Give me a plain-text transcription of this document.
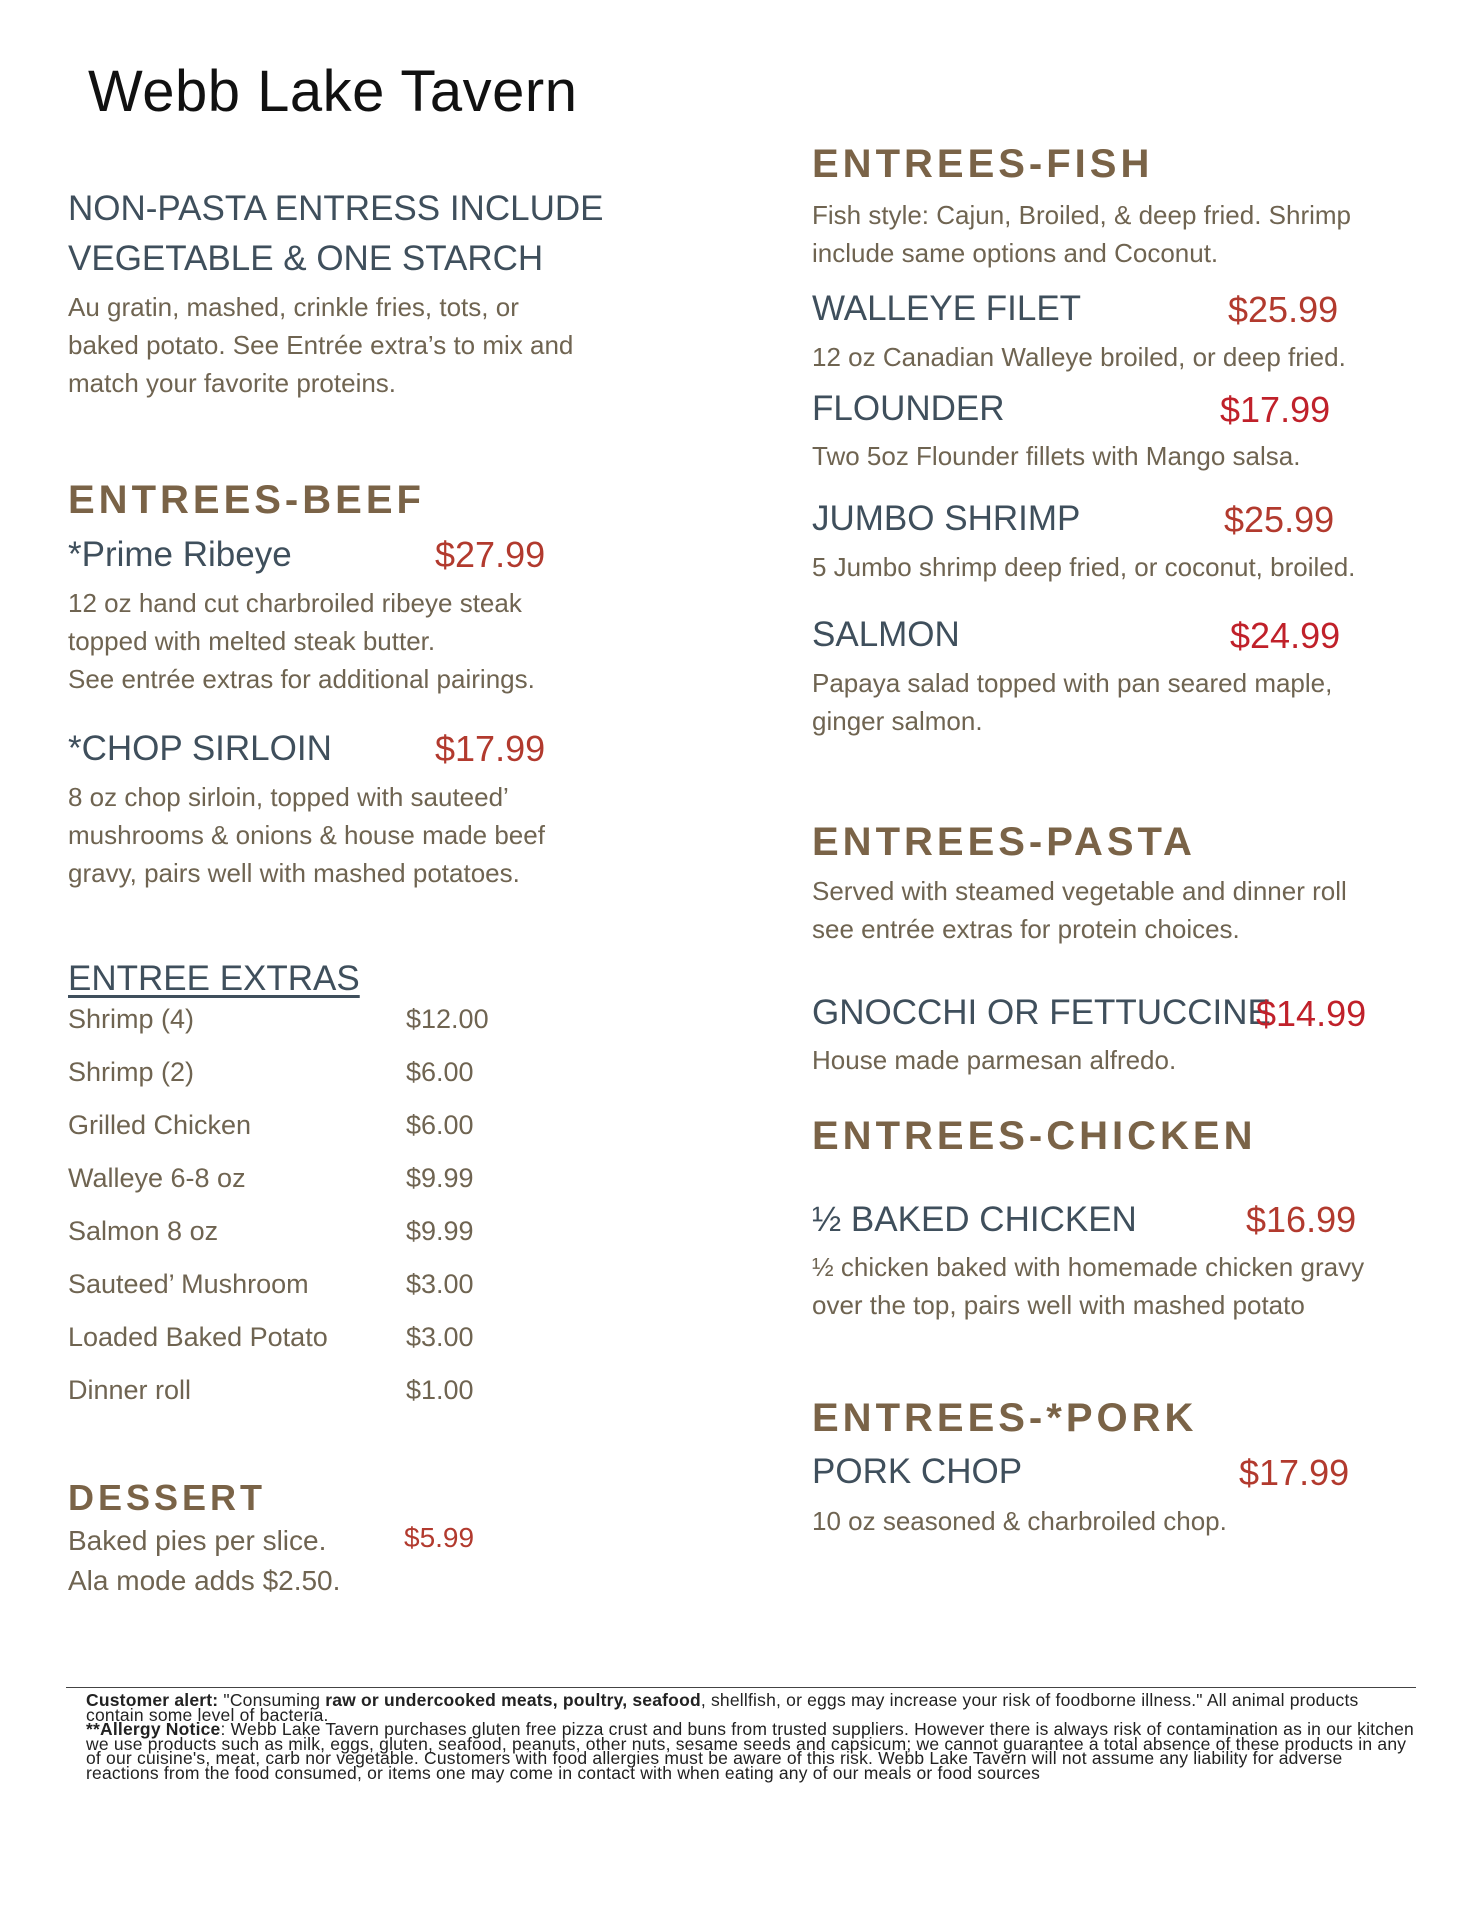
Webb Lake Tavern
NON-PASTA ENTRESS INCLUDE
VEGETABLE & ONE STARCH
Au gratin, mashed, crinkle fries, tots, or
baked potato. See Entrée extra’s to mix and
match your favorite proteins.
ENTREES-BEEF
*Prime Ribeye	$27.99
12 oz hand cut charbroiled ribeye steak
topped with melted steak butter.
See entrée extras for additional pairings.
*CHOP SIRLOIN	$17.99
8 oz chop sirloin, topped with sauteed’
mushrooms & onions & house made beef
gravy, pairs well with mashed potatoes.
ENTREE EXTRAS
Shrimp (4)	$12.00
Shrimp (2)	$6.00
Grilled Chicken	$6.00
Walleye 6-8 oz	$9.99
Salmon 8 oz	$9.99
Sauteed’ Mushroom	$3.00
Loaded Baked Potato	$3.00
Dinner roll	$1.00
DESSERT
Baked pies per slice.	$5.99
Ala mode adds $2.50.
ENTREES-FISH
Fish style: Cajun, Broiled, & deep fried. Shrimp
include same options and Coconut.
WALLEYE FILET	$25.99
12 oz Canadian Walleye broiled, or deep fried.
FLOUNDER	$17.99
Two 5oz Flounder fillets with Mango salsa.
JUMBO SHRIMP	$25.99
5 Jumbo shrimp deep fried, or coconut, broiled.
SALMON	$24.99
Papaya salad topped with pan seared maple,
ginger salmon.
ENTREES-PASTA
Served with steamed vegetable and dinner roll
see entrée extras for protein choices.
GNOCCHI OR FETTUCCINE
$14.99
House made parmesan alfredo.
ENTREES-CHICKEN
½ BAKED CHICKEN	$16.99
½ chicken baked with homemade chicken gravy
over the top, pairs well with mashed potato
ENTREES-*PORK
PORK CHOP	$17.99
10 oz seasoned & charbroiled chop.
Customer alert: "Consuming raw or undercooked meats, poultry, seafood, shellfish, or eggs may increase your risk of foodborne illness." All animal products contain some level of bacteria.
**Allergy Notice: Webb Lake Tavern purchases gluten free pizza crust and buns from trusted suppliers. However there is always risk of contamination as in our kitchen we use products such as milk, eggs, gluten, seafood, peanuts, other nuts, sesame seeds and capsicum; we cannot guarantee a total absence of these products in any of our cuisine's, meat, carb nor vegetable. Customers with food allergies must be aware of this risk. Webb Lake Tavern will not assume any liability for adverse reactions from the food consumed, or items one may come in contact with when eating any of our meals or food sources
